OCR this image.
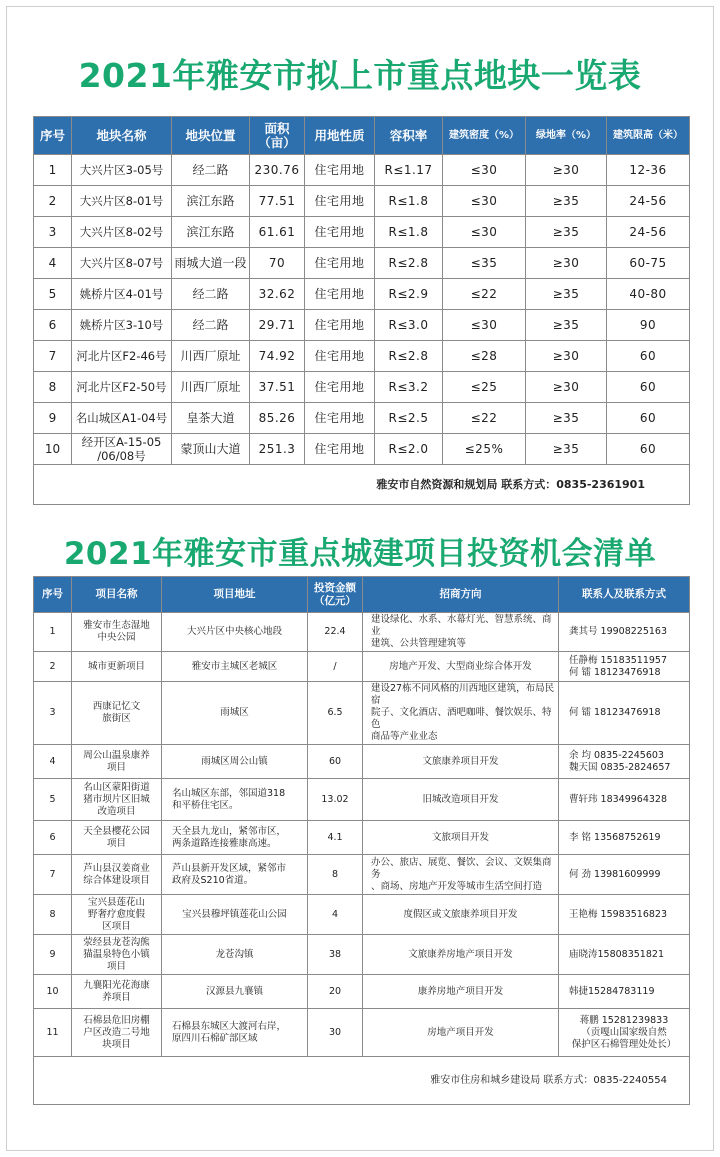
2021年雅安市拟上市重点地块一览表
序号	地块名称	地块位置	面积
（亩）	用地性质	容积率	建筑密度（%）	绿地率（%）	建筑限高（米）
1	大兴片区3-05号	经二路	230.76	住宅用地	R≤1.17	≤30	≥30	12-36
2	大兴片区8-01号	滨江东路	77.51	住宅用地	R≤1.8	≤30	≥35	24-56
3	大兴片区8-02号	滨江东路	61.61	住宅用地	R≤1.8	≤30	≥35	24-56
4	大兴片区8-07号	雨城大道一段	70	住宅用地	R≤2.8	≤35	≥30	60-75
5	姚桥片区4-01号	经二路	32.62	住宅用地	R≤2.9	≤22	≥35	40-80
6	姚桥片区3-10号	经二路	29.71	住宅用地	R≤3.0	≤30	≥35	90
7	河北片区F2-46号	川西厂原址	74.92	住宅用地	R≤2.8	≤28	≥30	60
8	河北片区F2-50号	川西厂原址	37.51	住宅用地	R≤3.2	≤25	≥30	60
9	名山城区A1-04号	皇茶大道	85.26	住宅用地	R≤2.5	≤22	≥35	60
10	经开区A-15-05
/06/08号	蒙顶山大道	251.3	住宅用地	R≤2.0	≤25%	≥35	60
雅安市自然资源和规划局 联系方式：0835-2361901								
2021年雅安市重点城建项目投资机会清单
序号	项目名称	项目地址	投资金额
（亿元）	招商方向	联系人及联系方式
1	雅安市生态湿地
中央公园	大兴片区中央核心地段	22.4	建设绿化、水系、水幕灯光、智慧系统、商业
建筑、公共管理建筑等	龚其号 19908225163
2	城市更新项目	雅安市主城区老城区	/	房地产开发、大型商业综合体开发	任静梅 15183511957
何 镭 18123476918
3	西康记忆文
旅街区	雨城区	6.5	建设27栋不同风格的川西地区建筑，布局民宿
院子、文化酒店、酒吧咖啡、餐饮娱乐、特色
商品等产业业态	何 镭 18123476918
4	周公山温泉康养
项目	雨城区周公山镇	60	文旅康养项目开发	余 均 0835-2245603
魏天国 0835-2824657
5	名山区蒙阳街道
猪市坝片区旧城
改造项目	名山城区东部，邻国道318
和平桥住宅区。	13.02	旧城改造项目开发	曹轩玮 18349964328
6	天全县樱花公园
项目	天全县九龙山，紧邻市区，
两条道路连接雅康高速。	4.1	文旅项目开发	李 铭 13568752619
7	芦山县汉姜商业
综合体建设项目	芦山县新开发区域，紧邻市
政府及S210省道。	8	办公、旅店、展览、餐饮、会议、文娱集商务
、商场、房地产开发等城市生活空间打造	何 劲 13981609999
8	宝兴县莲花山
野奢疗愈度假
区项目	宝兴县穆坪镇莲花山公园	4	度假区或文旅康养项目开发	王艳梅 15983516823
9	荥经县龙苍沟熊
猫温泉特色小镇
项目	龙苍沟镇	38	文旅康养房地产项目开发	庙晓涛15808351821
10	九襄阳光花海康
养项目	汉源县九襄镇	20	康养房地产项目开发	韩捷15284783119
11	石棉县危旧房棚
户区改造二号地
块项目	石棉县东城区大渡河右岸，
原四川石棉矿部区域	30	房地产项目开发	蒋鹏 15281239833
（贡嘎山国家级自然
保护区石棉管理处处长）
雅安市住房和城乡建设局 联系方式：0835-2240554					
